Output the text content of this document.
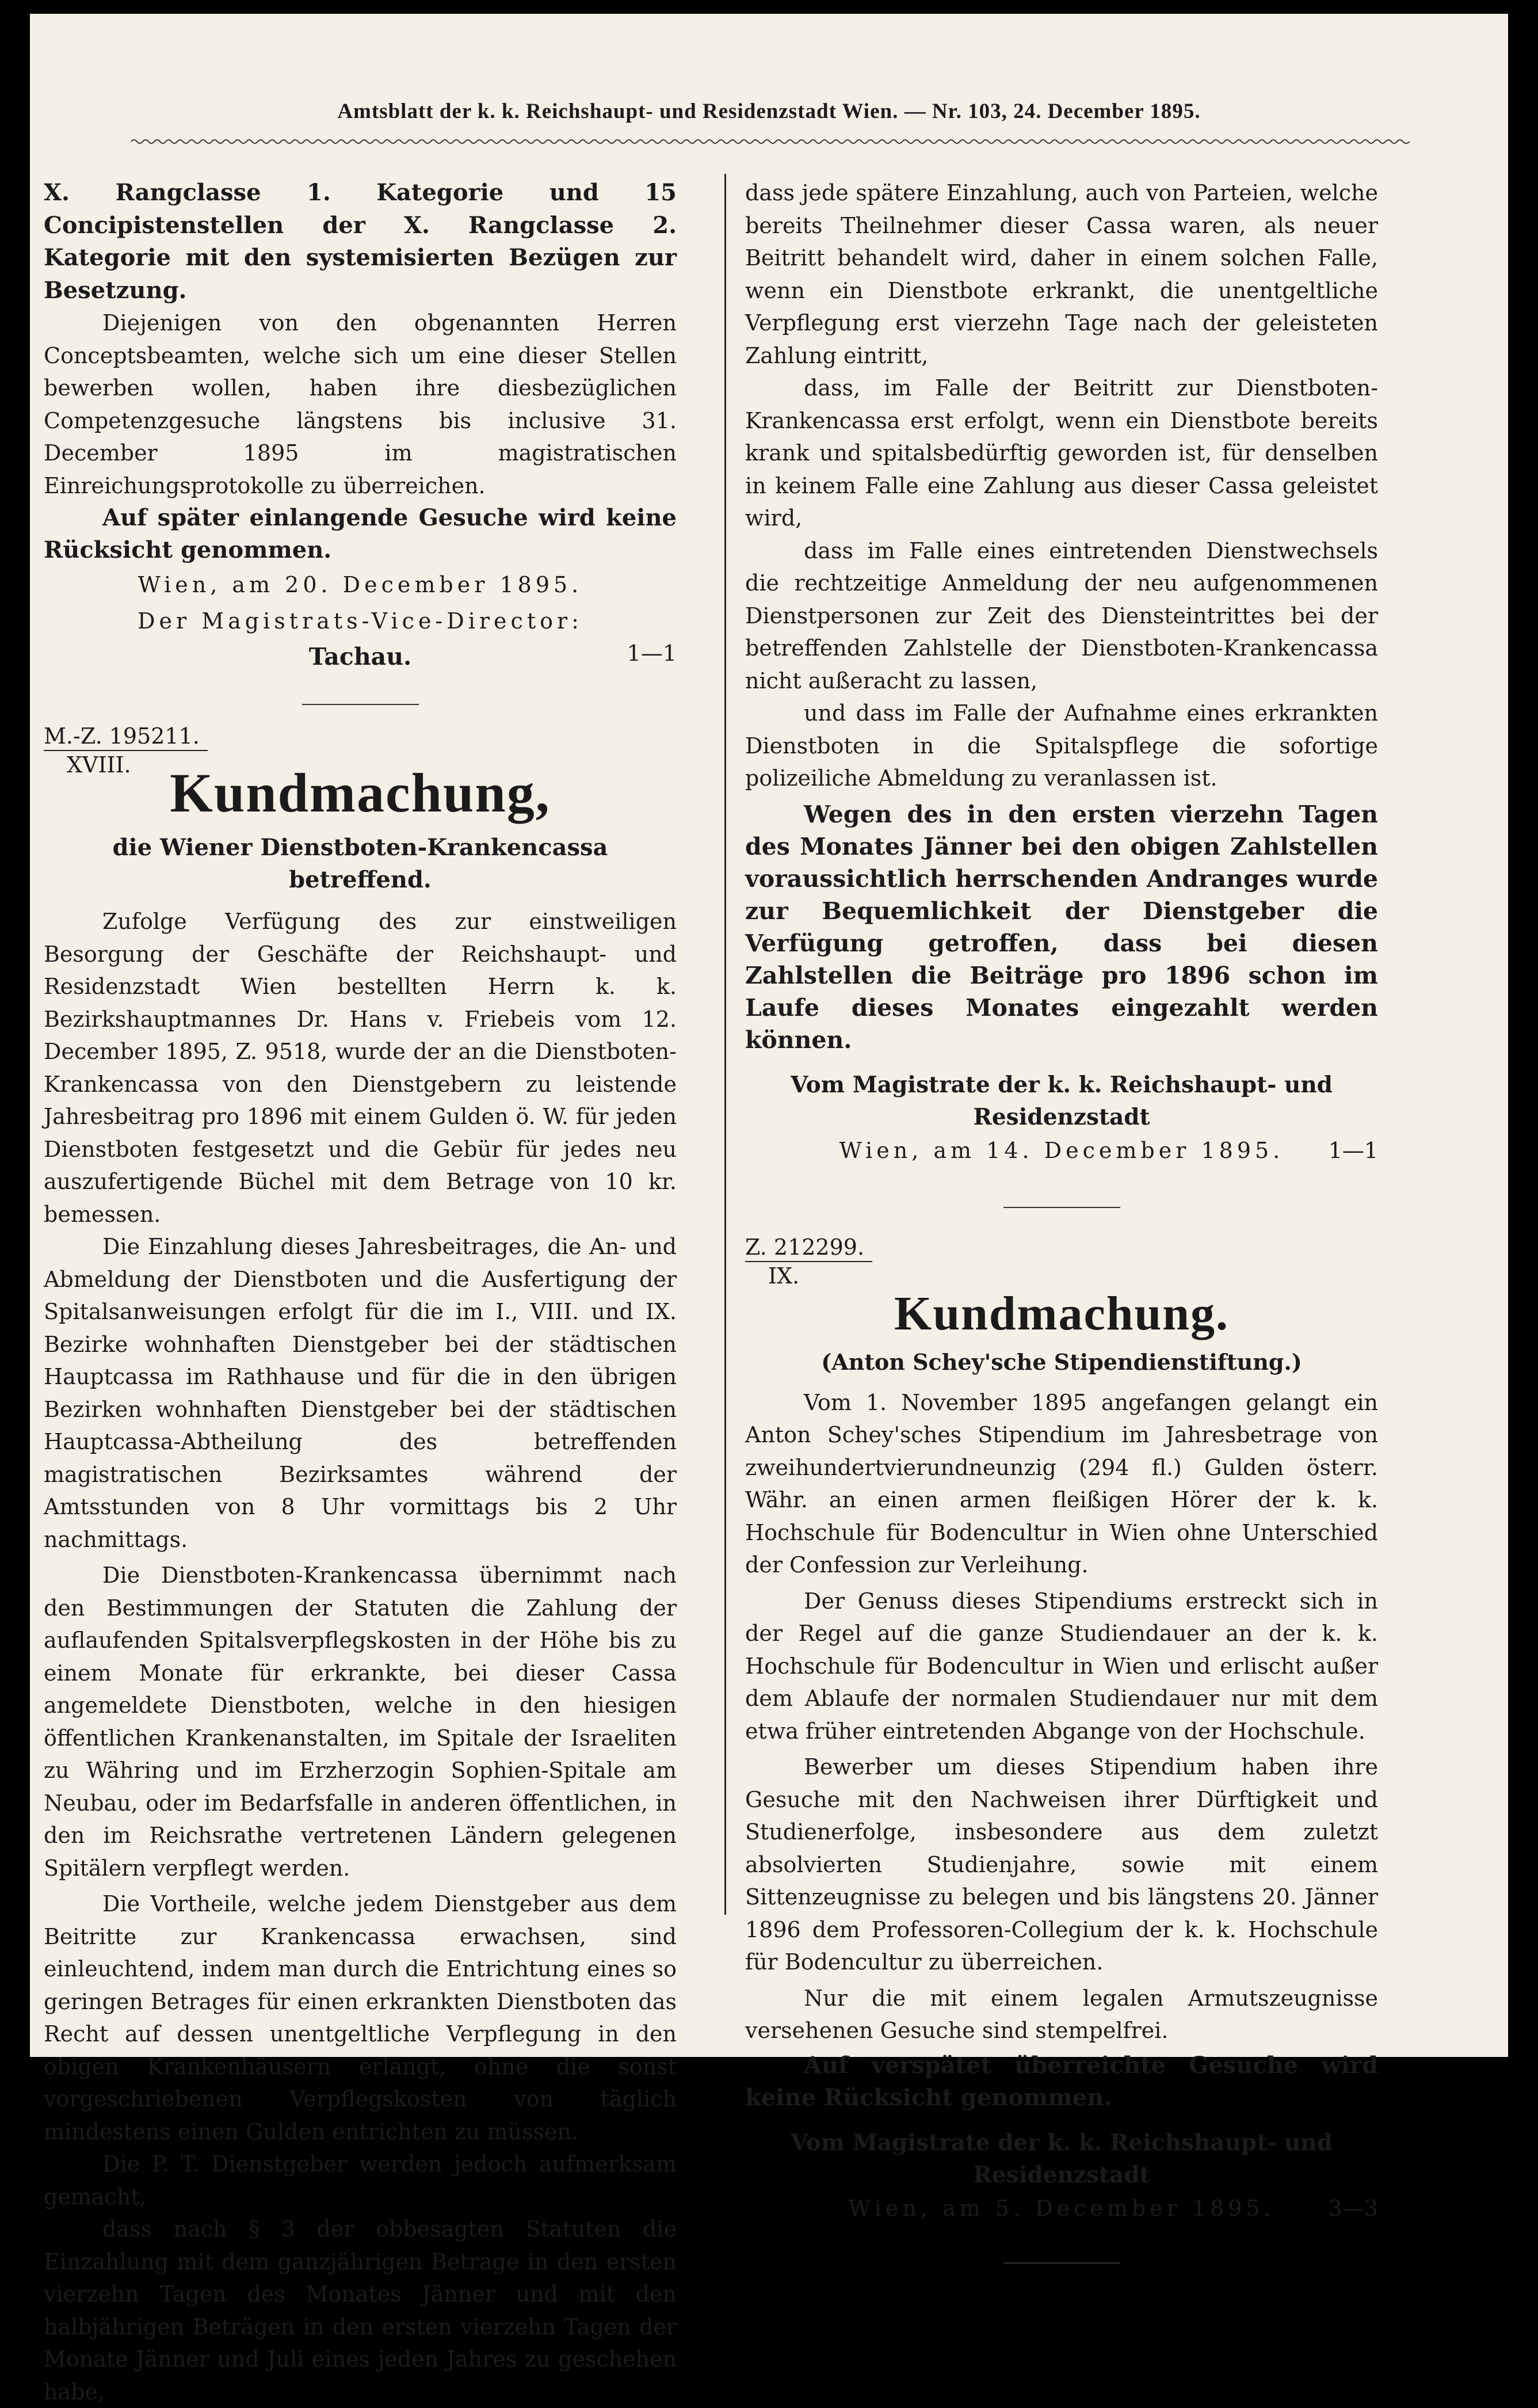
Amtsblatt der k. k. Reichshaupt- und Residenzstadt Wien. — Nr. 103, 24. December 1895.

X. Rangclasse 1. Kategorie und 15 Concipistenstellen der X. Rangclasse 2. Kategorie mit den systemisierten Bezügen zur Besetzung.

Diejenigen von den obgenannten Herren Conceptsbeamten, welche sich um eine dieser Stellen bewerben wollen, haben ihre diesbezüglichen Competenzgesuche längstens bis inclusive 31. December 1895 im magistratischen Einreichungsprotokolle zu überreichen.

Auf später einlangende Gesuche wird keine Rücksicht genommen.

Wien, am 20. December 1895.

Der Magistrats-Vice-Director:

Tachau.	1—1
M.-Z. 195211.
XVIII. Kundmachung,
die Wiener Dienstboten-Krankencassa betreffend.

Zufolge Verfügung des zur einstweiligen Besorgung der Geschäfte der Reichshaupt- und Residenzstadt Wien bestellten Herrn k. k. Bezirkshauptmannes Dr. Hans v. Friebeis vom 12. December 1895, Z. 9518, wurde der an die Dienstboten-Krankencassa von den Dienstgebern zu leistende Jahresbeitrag pro 1896 mit einem Gulden ö. W. für jeden Dienstboten festgesetzt und die Gebür für jedes neu auszufertigende Büchel mit dem Betrage von 10 kr. bemessen.

Die Einzahlung dieses Jahresbeitrages, die An- und Abmeldung der Dienstboten und die Ausfertigung der Spitalsanweisungen erfolgt für die im I., VIII. und IX. Bezirke wohnhaften Dienstgeber bei der städtischen Hauptcassa im Rathhause und für die in den übrigen Bezirken wohnhaften Dienstgeber bei der städtischen Hauptcassa-Abtheilung des betreffenden magistratischen Bezirksamtes während der Amtsstunden von 8 Uhr vormittags bis 2 Uhr nachmittags.

Die Dienstboten-Krankencassa übernimmt nach den Bestimmungen der Statuten die Zahlung der auflaufenden Spitalsverpflegskosten in der Höhe bis zu einem Monate für erkrankte, bei dieser Cassa angemeldete Dienstboten, welche in den hiesigen öffentlichen Krankenanstalten, im Spitale der Israeliten zu Währing und im Erzherzogin Sophien-Spitale am Neubau, oder im Bedarfsfalle in anderen öffentlichen, in den im Reichsrathe vertretenen Ländern gelegenen Spitälern verpflegt werden.

Die Vortheile, welche jedem Dienstgeber aus dem Beitritte zur Krankencassa erwachsen, sind einleuchtend, indem man durch die Entrichtung eines so geringen Betrages für einen erkrankten Dienstboten das Recht auf dessen unentgeltliche Verpflegung in den obigen Krankenhäusern erlangt, ohne die sonst vorgeschriebenen Verpflegskosten von täglich mindestens einen Gulden entrichten zu müssen.

Die P. T. Dienstgeber werden jedoch aufmerksam gemacht,

dass nach § 3 der obbesagten Statuten die Einzahlung mit dem ganzjährigen Betrage in den ersten vierzehn Tagen des Monates Jänner und mit den halbjährigen Beträgen in den ersten vierzehn Tagen der Monate Jänner und Juli eines jeden Jahres zu geschehen habe,

dass jede spätere Einzahlung, auch von Parteien, welche bereits Theilnehmer dieser Cassa waren, als neuer Beitritt behandelt wird, daher in einem solchen Falle, wenn ein Dienstbote erkrankt, die unentgeltliche Verpflegung erst vierzehn Tage nach der geleisteten Zahlung eintritt,

dass, im Falle der Beitritt zur Dienstboten-Krankencassa erst erfolgt, wenn ein Dienstbote bereits krank und spitalsbedürftig geworden ist, für denselben in keinem Falle eine Zahlung aus dieser Cassa geleistet wird,

dass im Falle eines eintretenden Dienstwechsels die rechtzeitige Anmeldung der neu aufgenommenen Dienstpersonen zur Zeit des Diensteintrittes bei der betreffenden Zahlstelle der Dienstboten-Krankencassa nicht außeracht zu lassen,

und dass im Falle der Aufnahme eines erkrankten Dienstboten in die Spitalspflege die sofortige polizeiliche Abmeldung zu veranlassen ist.

Wegen des in den ersten vierzehn Tagen des Monates Jänner bei den obigen Zahlstellen voraussichtlich herrschenden Andranges wurde zur Bequemlichkeit der Dienstgeber die Verfügung getroffen, dass bei diesen Zahlstellen die Beiträge pro 1896 schon im Laufe dieses Monates eingezahlt werden können.

Vom Magistrate der k. k. Reichshaupt- und Residenzstadt

Wien, am 14. December 1895.	1—1
Z. 212299.
IX.
Kundmachung.
(Anton Schey'sche Stipendienstiftung.)

Vom 1. November 1895 angefangen gelangt ein Anton Schey'sches Stipendium im Jahresbetrage von zweihundertvierundneunzig (294 fl.) Gulden österr. Währ. an einen armen fleißigen Hörer der k. k. Hochschule für Bodencultur in Wien ohne Unterschied der Confession zur Verleihung.

Der Genuss dieses Stipendiums erstreckt sich in der Regel auf die ganze Studiendauer an der k. k. Hochschule für Bodencultur in Wien und erlischt außer dem Ablaufe der normalen Studiendauer nur mit dem etwa früher eintretenden Abgange von der Hochschule.

Bewerber um dieses Stipendium haben ihre Gesuche mit den Nachweisen ihrer Dürftigkeit und Studienerfolge, insbesondere aus dem zuletzt absolvierten Studienjahre, sowie mit einem Sittenzeugnisse zu belegen und bis längstens 20. Jänner 1896 dem Professoren-Collegium der k. k. Hochschule für Bodencultur zu überreichen.

Nur die mit einem legalen Armutszeugnisse versehenen Gesuche sind stempelfrei.

Auf verspätet überreichte Gesuche wird keine Rücksicht genommen.

Vom Magistrate der k. k. Reichshaupt- und Residenzstadt

Wien, am 5. December 1895.	3—3
